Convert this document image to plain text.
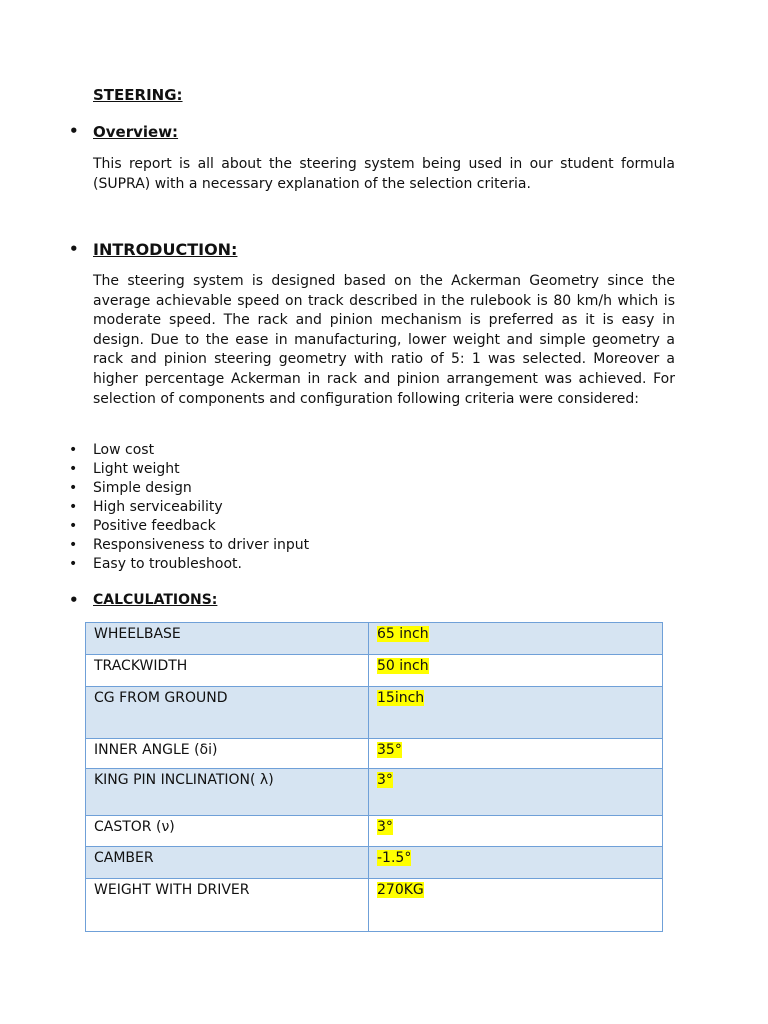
STEERING:
• Overview:

This report is all about the steering system being used in our student formula (SUPRA) with a necessary explanation of the selection criteria.

• INTRODUCTION:

The steering system is designed based on the Ackerman Geometry since the average achievable speed on track described in the rulebook is 80 km/h which is moderate speed. The rack and pinion mechanism is preferred as it is easy in design. Due to the ease in manufacturing, lower weight and simple geometry a rack and pinion steering geometry with ratio of 5: 1 was selected. Moreover a higher percentage Ackerman in rack and pinion arrangement was achieved. For selection of components and configuration following criteria were considered:

• Low cost
• Light weight
• Simple design
• High serviceability
• Positive feedback
• Responsiveness to driver input
• Easy to troubleshoot.
• CALCULATIONS:
WHEELBASE	65 inch
TRACKWIDTH	50 inch
CG FROM GROUND	15inch
INNER ANGLE (δi)	35°
KING PIN INCLINATION( λ)	3°
CASTOR (ν)	3°
CAMBER	-1.5°
WEIGHT WITH DRIVER	270KG
